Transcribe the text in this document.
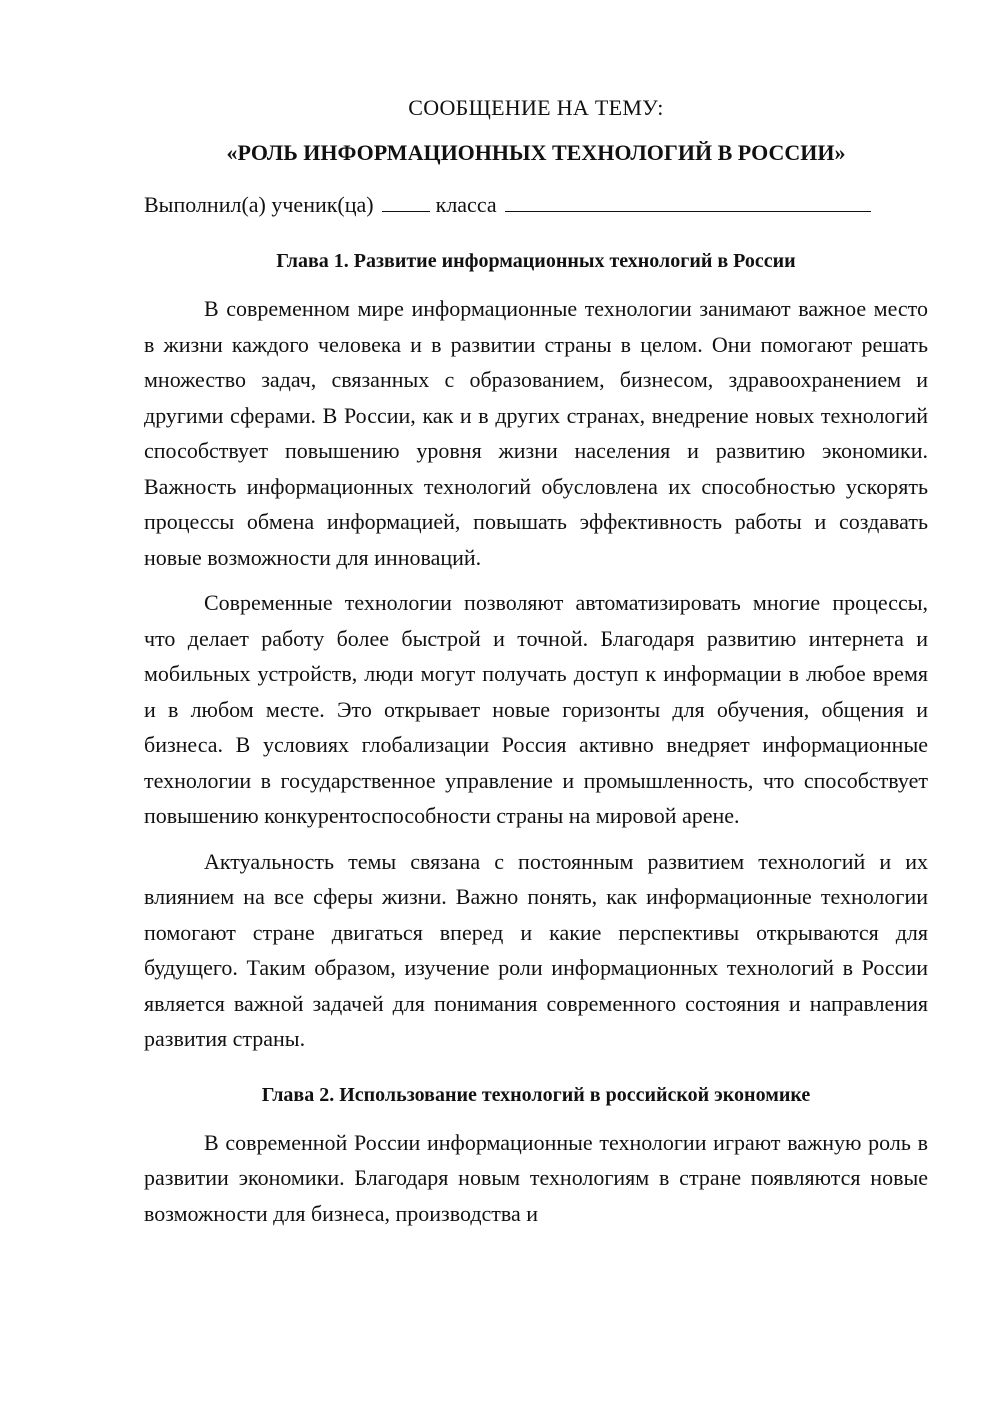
СООБЩЕНИЕ НА ТЕМУ:

«РОЛЬ ИНФОРМАЦИОННЫХ ТЕХНОЛОГИЙ В РОССИИ»

Выполнил(а) ученик(ца)	класса

Глава 1. Развитие информационных технологий в России

В современном мире информационные технологии занимают важное место в жизни каждого человека и в развитии страны в целом. Они помогают решать множество задач, связанных с образованием, бизнесом, здравоохранением и другими сферами. В России, как и в других странах, внедрение новых технологий способствует повышению уровня жизни населения и развитию экономики. Важность информационных технологий обусловлена их способностью ускорять процессы обмена информацией, повышать эффективность работы и создавать новые возможности для инноваций.

Современные технологии позволяют автоматизировать многие процессы, что делает работу более быстрой и точной. Благодаря развитию интернета и мобильных устройств, люди могут получать доступ к информации в любое время и в любом месте. Это открывает новые горизонты для обучения, общения и бизнеса. В условиях глобализации Россия активно внедряет информационные технологии в государственное управление и промышленность, что способствует повышению конкурентоспособности страны на мировой арене.

Актуальность темы связана с постоянным развитием технологий и их влиянием на все сферы жизни. Важно понять, как информационные технологии помогают стране двигаться вперед и какие перспективы открываются для будущего. Таким образом, изучение роли информационных технологий в России является важной задачей для понимания современного состояния и направления развития страны.

Глава 2. Использование технологий в российской экономике

В современной России информационные технологии играют важную роль в развитии экономики. Благодаря новым технологиям в стране появляются новые возможности для бизнеса, производства и
